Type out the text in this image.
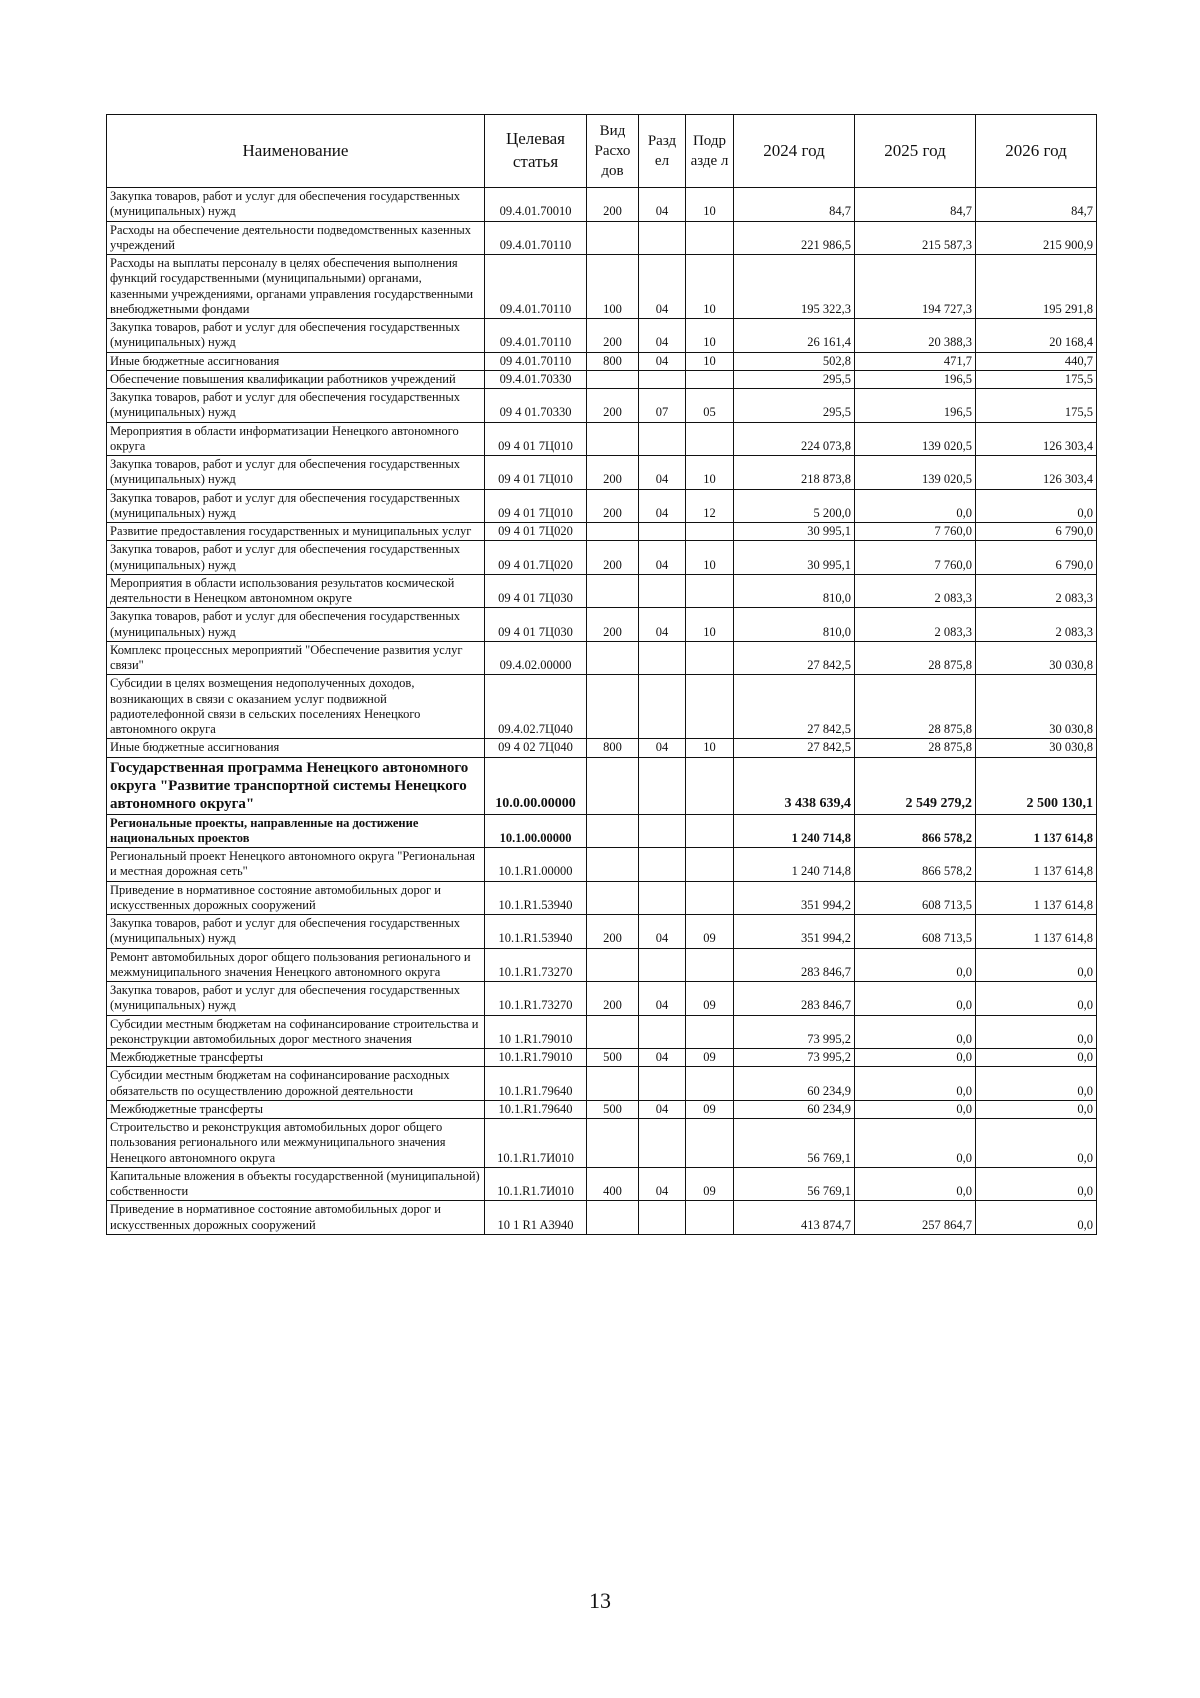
Наименование	Целевая статья	Вид Расхо дов	Разд ел	Подр азде л	2024 год	2025 год	2026 год
Закупка товаров, работ и услуг для обеспечения государственных (муниципальных) нужд	09.4.01.70010	200	04	10	84,7	84,7	84,7
Расходы на обеспечение деятельности подведомственных казенных учреждений	09.4.01.70110				221 986,5	215 587,3	215 900,9
Расходы на выплаты персоналу в целях обеспечения выполнения функций государственными (муниципальными) органами, казенными учреждениями, органами управления государственными внебюджетными фондами	09.4.01.70110	100	04	10	195 322,3	194 727,3	195 291,8
Закупка товаров, работ и услуг для обеспечения государственных (муниципальных) нужд	09.4.01.70110	200	04	10	26 161,4	20 388,3	20 168,4
Иные бюджетные ассигнования	09 4.01.70110	800	04	10	502,8	471,7	440,7
Обеспечение повышения квалификации работников учреждений	09.4.01.70330				295,5	196,5	175,5
Закупка товаров, работ и услуг для обеспечения государственных (муниципальных) нужд	09 4 01.70330	200	07	05	295,5	196,5	175,5
Мероприятия в области информатизации Ненецкого автономного округа	09 4 01 7Ц010				224 073,8	139 020,5	126 303,4
Закупка товаров, работ и услуг для обеспечения государственных (муниципальных) нужд	09 4 01 7Ц010	200	04	10	218 873,8	139 020,5	126 303,4
Закупка товаров, работ и услуг для обеспечения государственных (муниципальных) нужд	09 4 01 7Ц010	200	04	12	5 200,0	0,0	0,0
Развитие предоставления государственных и муниципальных услуг	09 4 01 7Ц020				30 995,1	7 760,0	6 790,0
Закупка товаров, работ и услуг для обеспечения государственных (муниципальных) нужд	09 4 01.7Ц020	200	04	10	30 995,1	7 760,0	6 790,0
Мероприятия в области использования результатов космической деятельности в Ненецком автономном округе	09 4 01 7Ц030				810,0	2 083,3	2 083,3
Закупка товаров, работ и услуг для обеспечения государственных (муниципальных) нужд	09 4 01 7Ц030	200	04	10	810,0	2 083,3	2 083,3
Комплекс процессных мероприятий "Обеспечение развития услуг связи"	09.4.02.00000				27 842,5	28 875,8	30 030,8
Субсидии в целях возмещения недополученных доходов, возникающих в связи с оказанием услуг подвижной радиотелефонной связи в сельских поселениях Ненецкого автономного округа	09.4.02.7Ц040				27 842,5	28 875,8	30 030,8
Иные бюджетные ассигнования	09 4 02 7Ц040	800	04	10	27 842,5	28 875,8	30 030,8
Государственная программа Ненецкого автономного округа "Развитие транспортной системы Ненецкого автономного округа"	10.0.00.00000				3 438 639,4	2 549 279,2	2 500 130,1
Региональные проекты, направленные на достижение национальных проектов	10.1.00.00000				1 240 714,8	866 578,2	1 137 614,8
Региональный проект Ненецкого автономного округа "Региональная и местная дорожная сеть"	10.1.R1.00000				1 240 714,8	866 578,2	1 137 614,8
Приведение в нормативное состояние автомобильных дорог и искусственных дорожных сооружений	10.1.R1.53940				351 994,2	608 713,5	1 137 614,8
Закупка товаров, работ и услуг для обеспечения государственных (муниципальных) нужд	10.1.R1.53940	200	04	09	351 994,2	608 713,5	1 137 614,8
Ремонт автомобильных дорог общего пользования регионального и межмуниципального значения Ненецкого автономного округа	10.1.R1.73270				283 846,7	0,0	0,0
Закупка товаров, работ и услуг для обеспечения государственных (муниципальных) нужд	10.1.R1.73270	200	04	09	283 846,7	0,0	0,0
Субсидии местным бюджетам на софинансирование строительства и реконструкции автомобильных дорог местного значения	10 1.R1.79010				73 995,2	0,0	0,0
Межбюджетные трансферты	10.1.R1.79010	500	04	09	73 995,2	0,0	0,0
Субсидии местным бюджетам на софинансирование расходных обязательств по осуществлению дорожной деятельности	10.1.R1.79640				60 234,9	0,0	0,0
Межбюджетные трансферты	10.1.R1.79640	500	04	09	60 234,9	0,0	0,0
Строительство и реконструкция автомобильных дорог общего пользования регионального или межмуниципального значения Ненецкого автономного округа	10.1.R1.7И010				56 769,1	0,0	0,0
Капитальные вложения в объекты государственной (муниципальной) собственности	10.1.R1.7И010	400	04	09	56 769,1	0,0	0,0
Приведение в нормативное состояние автомобильных дорог и искусственных дорожных сооружений	10 1 R1 A3940				413 874,7	257 864,7	0,0
13
